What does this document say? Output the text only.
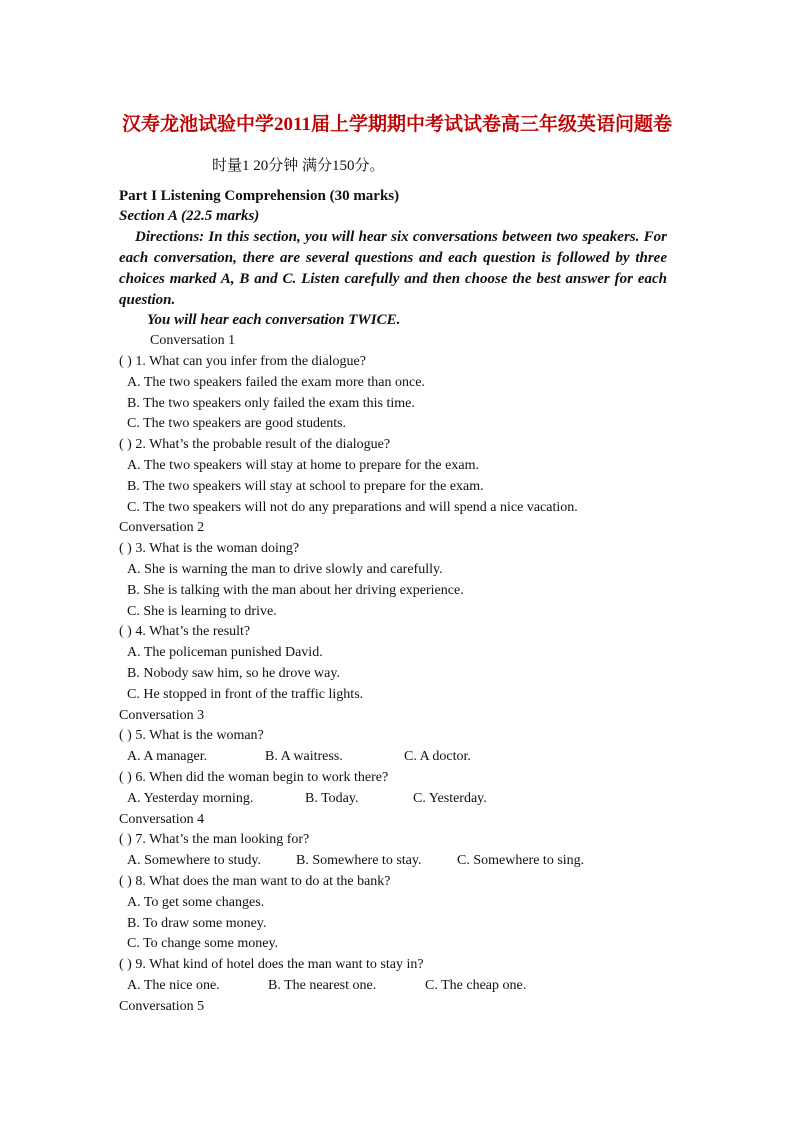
汉寿龙池试验中学2011届上学期期中考试试卷高三年级英语问题卷
时量1 20分钟 满分150分。
Part I Listening Comprehension (30 marks)
Section A (22.5 marks)
Directions: In this section, you will hear six conversations between two speakers. For each conversation, there are several questions and each question is followed by three choices marked A, B and C. Listen carefully and then choose the best answer for each question.
You will hear each conversation TWICE.
Conversation 1
( ) 1. What can you infer from the dialogue?
A. The two speakers failed the exam more than once.
B. The two speakers only failed the exam this time.
C. The two speakers are good students.
( ) 2. What’s the probable result of the dialogue?
A. The two speakers will stay at home to prepare for the exam.
B. The two speakers will stay at school to prepare for the exam.
C. The two speakers will not do any preparations and will spend a nice vacation.
Conversation 2
( ) 3. What is the woman doing?
A. She is warning the man to drive slowly and carefully.
B. She is talking with the man about her driving experience.
C. She is learning to drive.
( ) 4. What’s the result?
A. The policeman punished David.
B. Nobody saw him, so he drove way.
C. He stopped in front of the traffic lights.
Conversation 3
( ) 5. What is the woman?
A. A manager.	B. A waitress.	C. A doctor.
( ) 6. When did the woman begin to work there?
A. Yesterday morning.	B. Today.	C. Yesterday.
Conversation 4
( ) 7. What’s the man looking for?
A. Somewhere to study. B. Somewhere to stay.	C. Somewhere to sing.
( ) 8. What does the man want to do at the bank?
A. To get some changes.
B. To draw some money.
C. To change some money.
( ) 9. What kind of hotel does the man want to stay in?
A. The nice one.	B. The nearest one.	C. The cheap one.
Conversation 5
